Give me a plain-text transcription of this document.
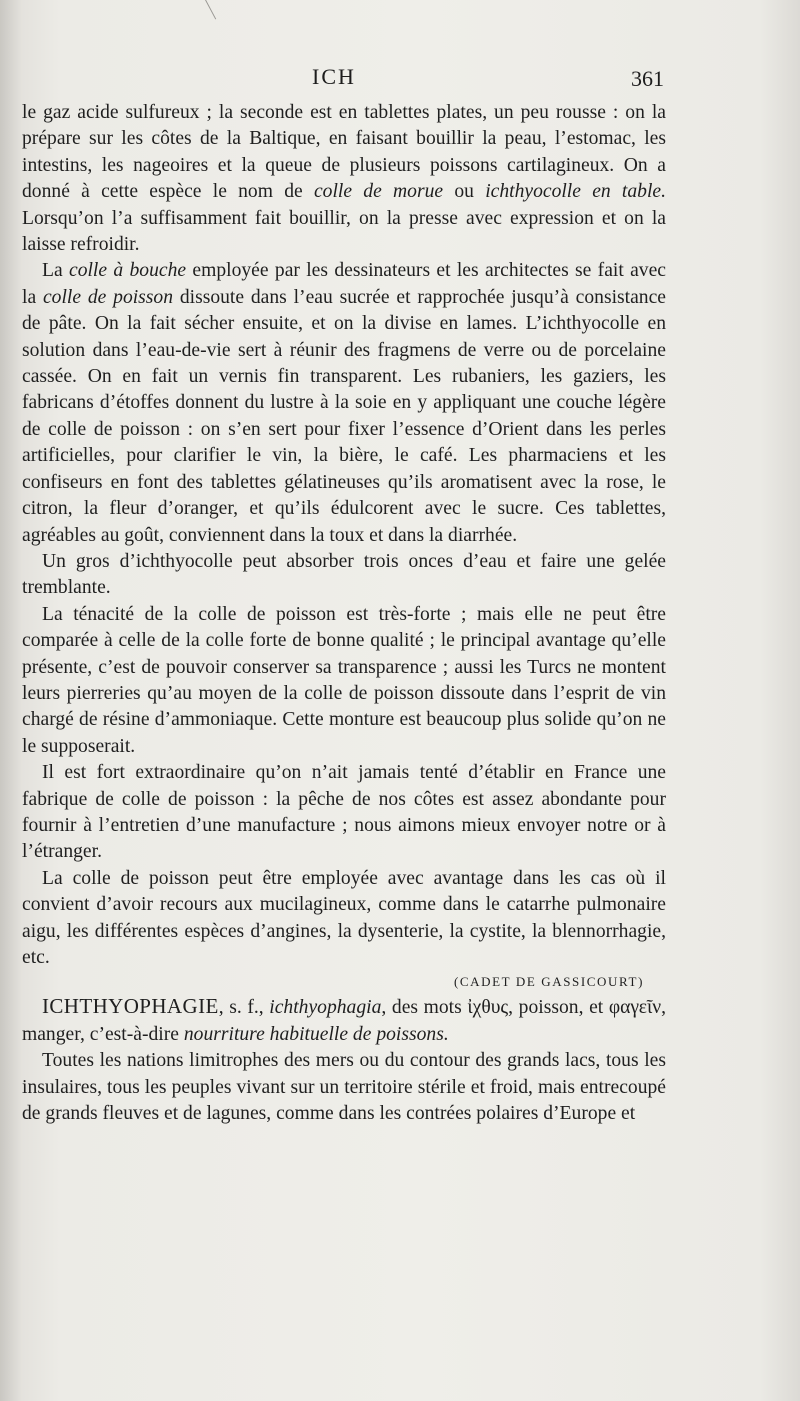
ICH	361

le gaz acide sulfureux ; la seconde est en tablettes plates, un peu rousse : on la prépare sur les côtes de la Baltique, en faisant bouillir la peau, l’estomac, les intestins, les nageoires et la queue de plusieurs poissons cartilagineux. On a donné à cette espèce le nom de colle de morue ou ichthyocolle en table. Lorsqu’on l’a suffisamment fait bouillir, on la presse avec expression et on la laisse refroidir.

La colle à bouche employée par les dessinateurs et les architectes se fait avec la colle de poisson dissoute dans l’eau sucrée et rapprochée jusqu’à consistance de pâte. On la fait sécher ensuite, et on la divise en lames. L’ichthyocolle en solution dans l’eau-de-vie sert à réunir des fragmens de verre ou de porcelaine cassée. On en fait un vernis fin transparent. Les rubaniers, les gaziers, les fabricans d’étoffes donnent du lustre à la soie en y appliquant une couche légère de colle de poisson : on s’en sert pour fixer l’essence d’Orient dans les perles artificielles, pour clarifier le vin, la bière, le café. Les pharmaciens et les confiseurs en font des tablettes gélatineuses qu’ils aromatisent avec la rose, le citron, la fleur d’oranger, et qu’ils édulcorent avec le sucre. Ces tablettes, agréables au goût, conviennent dans la toux et dans la diarrhée.

Un gros d’ichthyocolle peut absorber trois onces d’eau et faire une gelée tremblante.

La ténacité de la colle de poisson est très-forte ; mais elle ne peut être comparée à celle de la colle forte de bonne qualité ; le principal avantage qu’elle présente, c’est de pouvoir conserver sa transparence ; aussi les Turcs ne montent leurs pierreries qu’au moyen de la colle de poisson dissoute dans l’esprit de vin chargé de résine d’ammoniaque. Cette monture est beaucoup plus solide qu’on ne le supposerait.

Il est fort extraordinaire qu’on n’ait jamais tenté d’établir en France une fabrique de colle de poisson : la pêche de nos côtes est assez abondante pour fournir à l’entretien d’une manufacture ; nous aimons mieux envoyer notre or à l’étranger.

La colle de poisson peut être employée avec avantage dans les cas où il convient d’avoir recours aux mucilagineux, comme dans le catarrhe pulmonaire aigu, les différentes espèces d’angines, la dysenterie, la cystite, la blennorrhagie, etc.

(CADET DE GASSICOURT)

ICHTHYOPHAGIE, s. f., ichthyophagia, des mots ἰχθυς, poisson, et φαγεῖν, manger, c’est-à-dire nourriture habituelle de poissons.

Toutes les nations limitrophes des mers ou du contour des grands lacs, tous les insulaires, tous les peuples vivant sur un territoire stérile et froid, mais entrecoupé de grands fleuves et de lagunes, comme dans les contrées polaires d’Europe et
